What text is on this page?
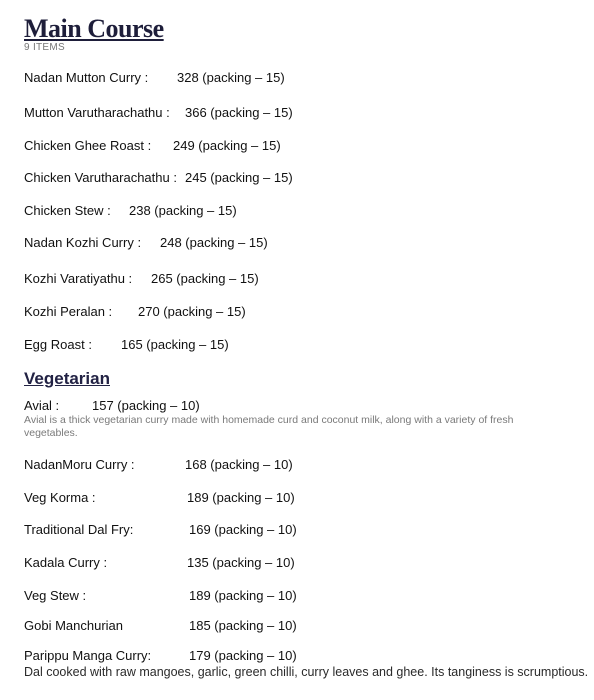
Main Course
9 ITEMS
Nadan Mutton Curry : 328 (packing – 15)
Mutton Varutharachathu : 366 (packing – 15)
Chicken Ghee Roast : 249 (packing – 15)
Chicken Varutharachathu : 245 (packing – 15)
Chicken Stew : 238 (packing – 15)
Nadan Kozhi Curry : 248 (packing – 15)
Kozhi Varatiyathu : 265 (packing – 15)
Kozhi Peralan : 270 (packing – 15)
Egg Roast : 165 (packing – 15)
Vegetarian
Avial :	157 (packing – 10)
Avial is a thick vegetarian curry made with homemade curd and coconut milk, along with a variety of fresh vegetables.
NadanMoru Curry :	168 (packing – 10)
Veg Korma :	189 (packing – 10)
Traditional Dal Fry:	169 (packing – 10)
Kadala Curry :	135 (packing – 10)
Veg Stew :	189 (packing – 10)
Gobi Manchurian	185 (packing – 10)
Parippu Manga Curry:	179 (packing – 10)
Dal cooked with raw mangoes, garlic, green chilli, curry leaves and ghee. Its tanginess is scrumptious.
